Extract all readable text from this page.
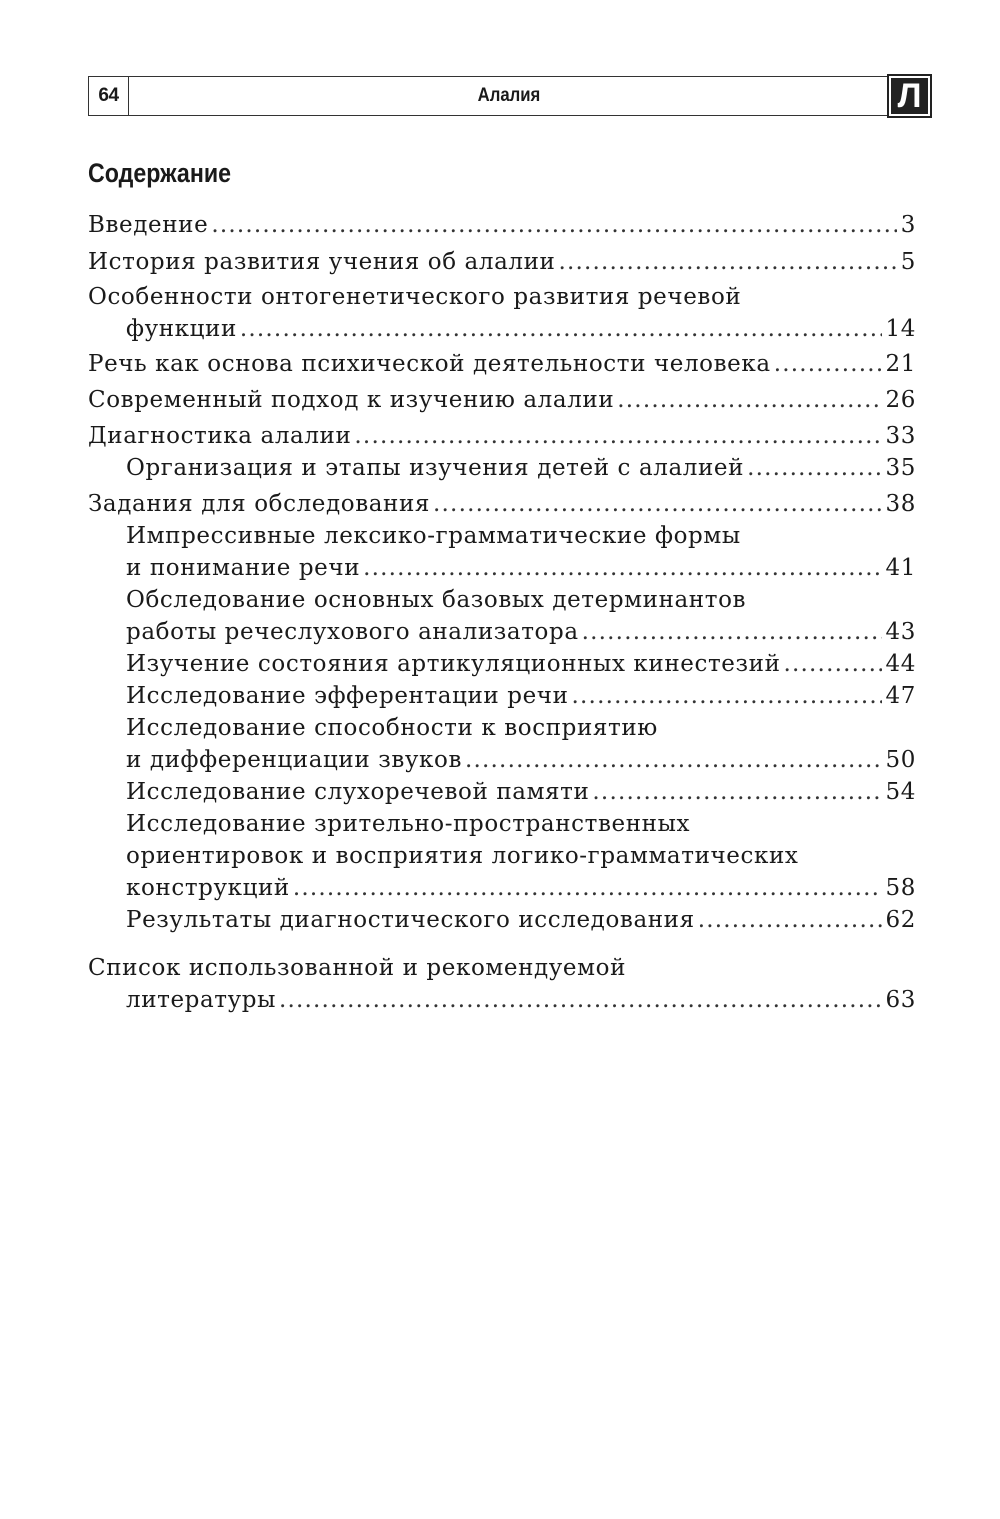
64	Алалия	Л
Содержание
Введение .....	3
История развития учения об алалии .....	5
Особенности онтогенетического развития речевой
функции .....	14
Речь как основа психической деятельности человека .....	21
Современный подход к изучению алалии .....	26
Диагностика алалии .....	33
Организация и этапы изучения детей с алалией .....	35
Задания для обследования .....	38
Импрессивные лексико-грамматические формы
и понимание речи .....	41
Обследование основных базовых детерминантов
работы речеслухового анализатора .....	43
Изучение состояния артикуляционных кинестезий .....	44
Исследование эфферентации речи .....	47
Исследование способности к восприятию
и дифференциации звуков .....	50
Исследование слухоречевой памяти .....	54
Исследование зрительно-пространственных
ориентировок и восприятия логико-грамматических
конструкций .....	58
Результаты диагностического исследования .....	62
Список использованной и рекомендуемой
литературы .....	63
